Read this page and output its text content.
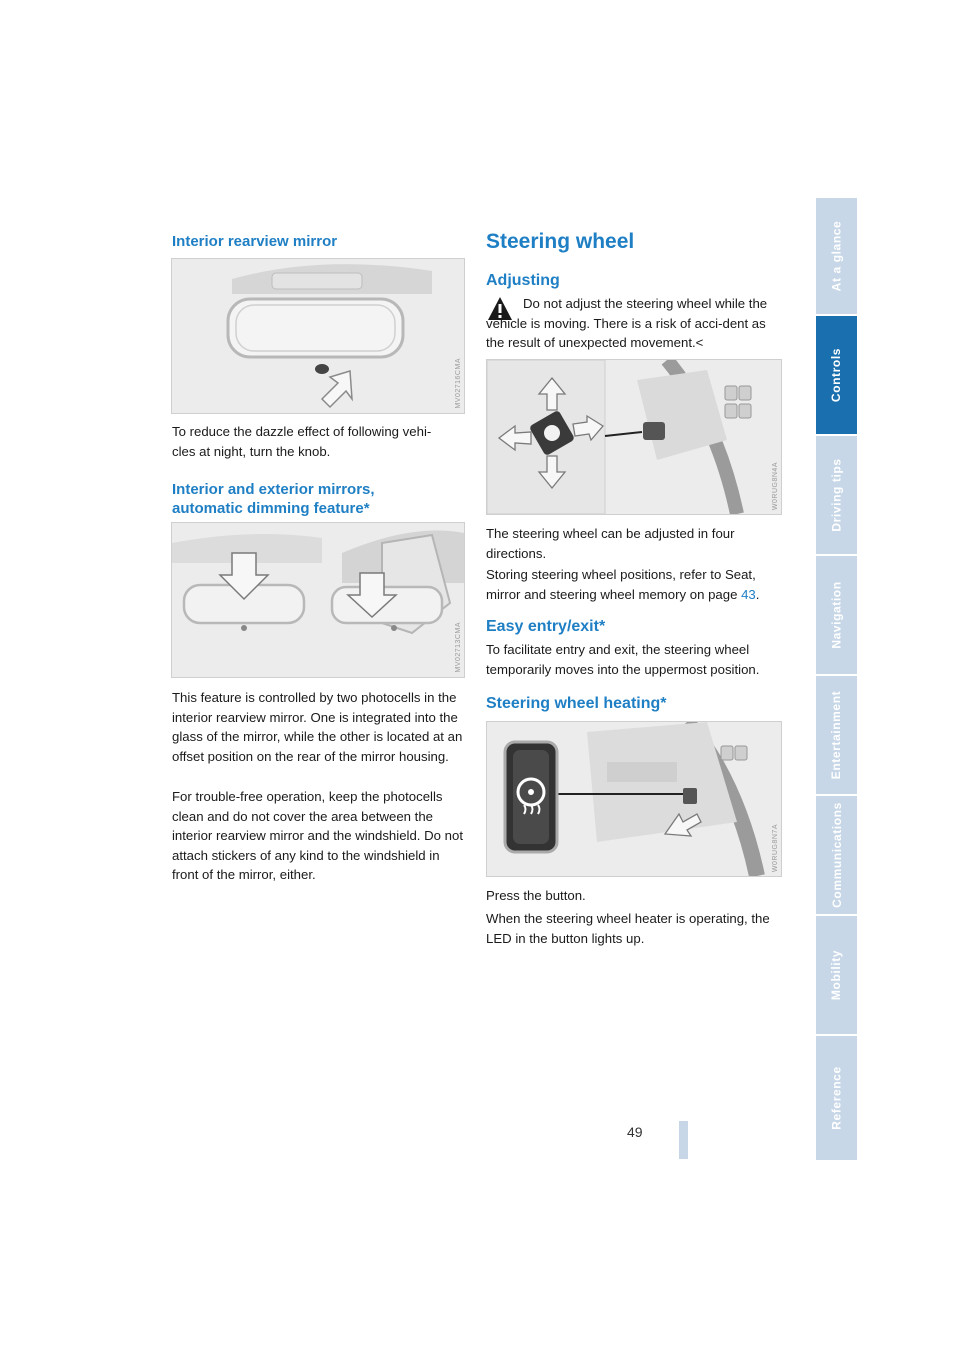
Interior rearview mirror
MV02716CMA

To reduce the dazzle effect of following vehi-
cles at night, turn the knob.

Interior and exterior mirrors,
automatic dimming feature*
MV02713CMA

This feature is controlled by two photocells in the interior rearview mirror. One is integrated into the glass of the mirror, while the other is located at an offset position on the rear of the mirror housing.

For trouble-free operation, keep the photocells clean and do not cover the area between the interior rearview mirror and the windshield. Do not attach stickers of any kind to the windshield in front of the mirror, either.

Steering wheel
Adjusting

Do not adjust the steering wheel while the vehicle is moving. There is a risk of acci-dent as the result of unexpected movement.<

W0RUG8N4A

The steering wheel can be adjusted in four directions.

Storing steering wheel positions, refer to Seat, mirror and steering wheel memory on page 43.

Easy entry/exit*

To facilitate entry and exit, the steering wheel temporarily moves into the uppermost position.

Steering wheel heating*
W0RUG8N7A

Press the button.

When the steering wheel heater is operating, the LED in the button lights up.

At a glance
Controls
Driving tips
Navigation
Entertainment
Communications
Mobility
Reference
49
